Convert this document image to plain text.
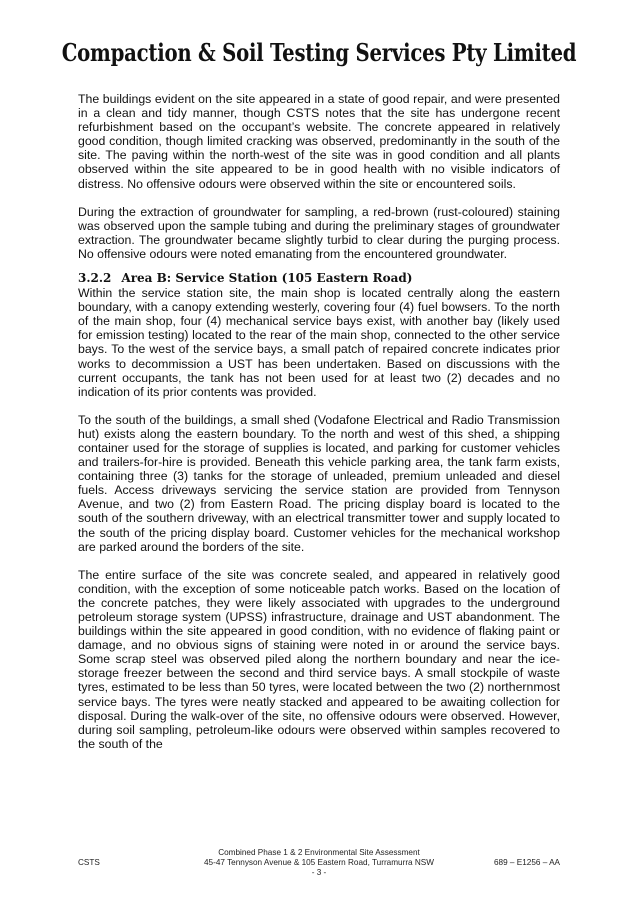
Compaction & Soil Testing Services Pty Limited

The buildings evident on the site appeared in a state of good repair, and were presented in a clean and tidy manner, though CSTS notes that the site has undergone recent refurbishment based on the occupant’s website. The concrete appeared in relatively good condition, though limited cracking was observed, predominantly in the south of the site. The paving within the north-west of the site was in good condition and all plants observed within the site appeared to be in good health with no visible indicators of distress. No offensive odours were observed within the site or encountered soils.

During the extraction of groundwater for sampling, a red-brown (rust-coloured) staining was observed upon the sample tubing and during the preliminary stages of groundwater extraction. The groundwater became slightly turbid to clear during the purging process. No offensive odours were noted emanating from the encountered groundwater.

3.2.2 Area B: Service Station (105 Eastern Road)

Within the service station site, the main shop is located centrally along the eastern boundary, with a canopy extending westerly, covering four (4) fuel bowsers. To the north of the main shop, four (4) mechanical service bays exist, with another bay (likely used for emission testing) located to the rear of the main shop, connected to the other service bays. To the west of the service bays, a small patch of repaired concrete indicates prior works to decommission a UST has been undertaken. Based on discussions with the current occupants, the tank has not been used for at least two (2) decades and no indication of its prior contents was provided.

To the south of the buildings, a small shed (Vodafone Electrical and Radio Transmission hut) exists along the eastern boundary. To the north and west of this shed, a shipping container used for the storage of supplies is located, and parking for customer vehicles and trailers-for-hire is provided. Beneath this vehicle parking area, the tank farm exists, containing three (3) tanks for the storage of unleaded, premium unleaded and diesel fuels. Access driveways servicing the service station are provided from Tennyson Avenue, and two (2) from Eastern Road. The pricing display board is located to the south of the southern driveway, with an electrical transmitter tower and supply located to the south of the pricing display board. Customer vehicles for the mechanical workshop are parked around the borders of the site.

The entire surface of the site was concrete sealed, and appeared in relatively good condition, with the exception of some noticeable patch works. Based on the location of the concrete patches, they were likely associated with upgrades to the underground petroleum storage system (UPSS) infrastructure, drainage and UST abandonment. The buildings within the site appeared in good condition, with no evidence of flaking paint or damage, and no obvious signs of staining were noted in or around the service bays. Some scrap steel was observed piled along the northern boundary and near the ice-storage freezer between the second and third service bays. A small stockpile of waste tyres, estimated to be less than 50 tyres, were located between the two (2) northernmost service bays. The tyres were neatly stacked and appeared to be awaiting collection for disposal. During the walk-over of the site, no offensive odours were observed. However, during soil sampling, petroleum-like odours were observed within samples recovered to the south of the

Combined Phase 1 & 2 Environmental Site Assessment
45-47 Tennyson Avenue & 105 Eastern Road, Turramurra NSW
- 3 -
CSTS	689 – E1256 – AA
